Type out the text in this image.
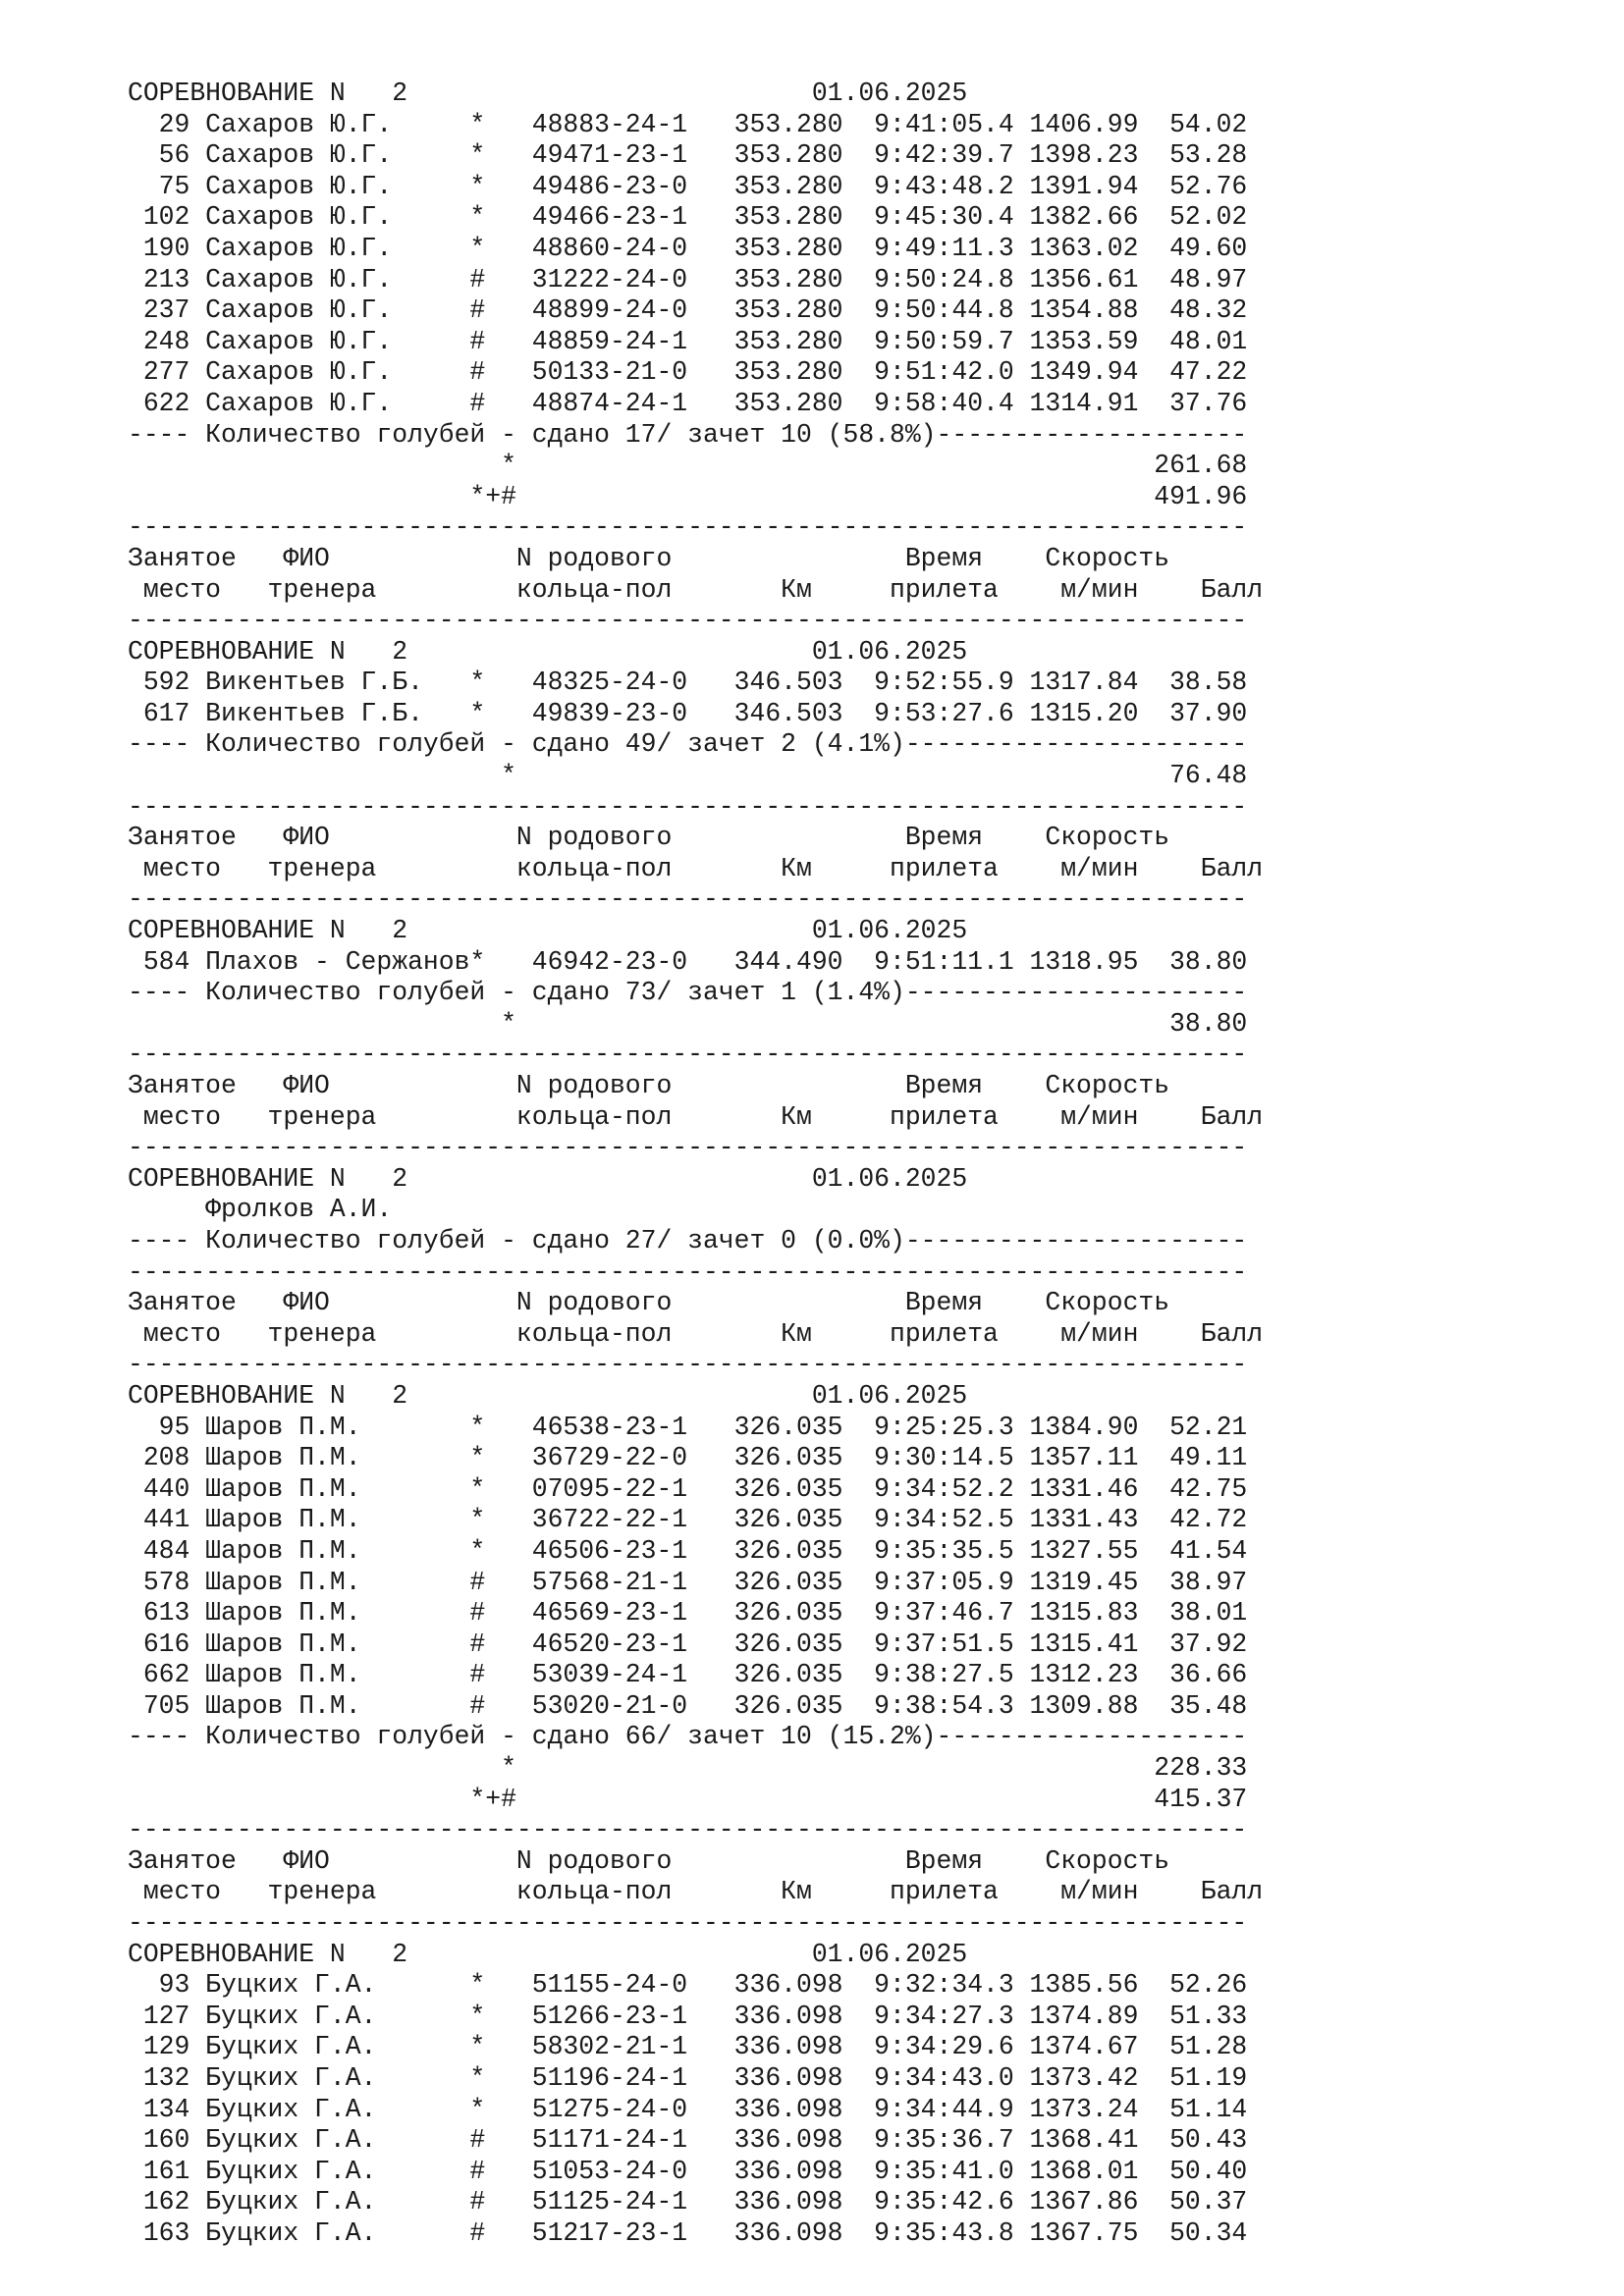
СОРЕВНОВАНИЕ N   2                          01.06.2025
29 Сахаров Ю.Г.     *   48883-24-1   353.280  9:41:05.4 1406.99  54.02
56 Сахаров Ю.Г.     *   49471-23-1   353.280  9:42:39.7 1398.23  53.28
75 Сахаров Ю.Г.     *   49486-23-0   353.280  9:43:48.2 1391.94  52.76
102 Сахаров Ю.Г.     *   49466-23-1   353.280  9:45:30.4 1382.66  52.02
190 Сахаров Ю.Г.     *   48860-24-0   353.280  9:49:11.3 1363.02  49.60
213 Сахаров Ю.Г.     #   31222-24-0   353.280  9:50:24.8 1356.61  48.97
237 Сахаров Ю.Г.     #   48899-24-0   353.280  9:50:44.8 1354.88  48.32
248 Сахаров Ю.Г.     #   48859-24-1   353.280  9:50:59.7 1353.59  48.01
277 Сахаров Ю.Г.     #   50133-21-0   353.280  9:51:42.0 1349.94  47.22
622 Сахаров Ю.Г.     #   48874-24-1   353.280  9:58:40.4 1314.91  37.76
---- Количество голубей - сдано 17/ зачет 10 (58.8%)--------------------
*                                         261.68
*+#                                         491.96
------------------------------------------------------------------------
Занятое   ФИО            N родового               Время    Скорость
место   тренера         кольца-пол       Км     прилета    м/мин    Балл
------------------------------------------------------------------------
СОРЕВНОВАНИЕ N   2                          01.06.2025
592 Викентьев Г.Б.   *   48325-24-0   346.503  9:52:55.9 1317.84  38.58
617 Викентьев Г.Б.   *   49839-23-0   346.503  9:53:27.6 1315.20  37.90
---- Количество голубей - сдано 49/ зачет 2 (4.1%)----------------------
*                                          76.48
------------------------------------------------------------------------
Занятое   ФИО            N родового               Время    Скорость
место   тренера         кольца-пол       Км     прилета    м/мин    Балл
------------------------------------------------------------------------
СОРЕВНОВАНИЕ N   2                          01.06.2025
584 Плахов - Сержанов*   46942-23-0   344.490  9:51:11.1 1318.95  38.80
---- Количество голубей - сдано 73/ зачет 1 (1.4%)----------------------
*                                          38.80
------------------------------------------------------------------------
Занятое   ФИО            N родового               Время    Скорость
место   тренера         кольца-пол       Км     прилета    м/мин    Балл
------------------------------------------------------------------------
СОРЕВНОВАНИЕ N   2                          01.06.2025
Фролков А.И.
---- Количество голубей - сдано 27/ зачет 0 (0.0%)----------------------
------------------------------------------------------------------------
Занятое   ФИО            N родового               Время    Скорость
место   тренера         кольца-пол       Км     прилета    м/мин    Балл
------------------------------------------------------------------------
СОРЕВНОВАНИЕ N   2                          01.06.2025
95 Шаров П.М.       *   46538-23-1   326.035  9:25:25.3 1384.90  52.21
208 Шаров П.М.       *   36729-22-0   326.035  9:30:14.5 1357.11  49.11
440 Шаров П.М.       *   07095-22-1   326.035  9:34:52.2 1331.46  42.75
441 Шаров П.М.       *   36722-22-1   326.035  9:34:52.5 1331.43  42.72
484 Шаров П.М.       *   46506-23-1   326.035  9:35:35.5 1327.55  41.54
578 Шаров П.М.       #   57568-21-1   326.035  9:37:05.9 1319.45  38.97
613 Шаров П.М.       #   46569-23-1   326.035  9:37:46.7 1315.83  38.01
616 Шаров П.М.       #   46520-23-1   326.035  9:37:51.5 1315.41  37.92
662 Шаров П.М.       #   53039-24-1   326.035  9:38:27.5 1312.23  36.66
705 Шаров П.М.       #   53020-21-0   326.035  9:38:54.3 1309.88  35.48
---- Количество голубей - сдано 66/ зачет 10 (15.2%)--------------------
*                                         228.33
*+#                                         415.37
------------------------------------------------------------------------
Занятое   ФИО            N родового               Время    Скорость
место   тренера         кольца-пол       Км     прилета    м/мин    Балл
------------------------------------------------------------------------
СОРЕВНОВАНИЕ N   2                          01.06.2025
93 Буцких Г.А.      *   51155-24-0   336.098  9:32:34.3 1385.56  52.26
127 Буцких Г.А.      *   51266-23-1   336.098  9:34:27.3 1374.89  51.33
129 Буцких Г.А.      *   58302-21-1   336.098  9:34:29.6 1374.67  51.28
132 Буцких Г.А.      *   51196-24-1   336.098  9:34:43.0 1373.42  51.19
134 Буцких Г.А.      *   51275-24-0   336.098  9:34:44.9 1373.24  51.14
160 Буцких Г.А.      #   51171-24-1   336.098  9:35:36.7 1368.41  50.43
161 Буцких Г.А.      #   51053-24-0   336.098  9:35:41.0 1368.01  50.40
162 Буцких Г.А.      #   51125-24-1   336.098  9:35:42.6 1367.86  50.37
163 Буцких Г.А.      #   51217-23-1   336.098  9:35:43.8 1367.75  50.34
